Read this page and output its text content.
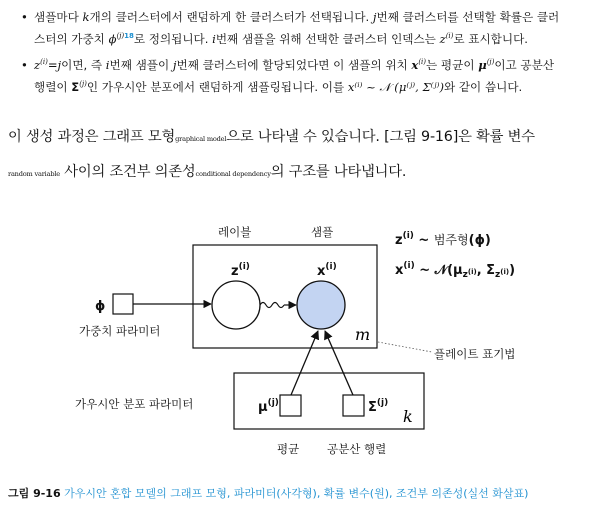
• 샘플마다 k개의 클러스터에서 랜덤하게 한 클러스터가 선택됩니다. j번째 클러스터를 선택할 확률은 클러
스터의 가중치 ϕ$^{(j)18}$로 정의됩니다. i번째 샘플을 위해 선택한 클러스터 인덱스는 $z^{(i)}$로 표시합니다.
• $z^{(i)}=j$이면, 즉 i번째 샘플이 j번째 클러스터에 할당되었다면 이 샘플의 위치 $x^{(i)}$는 평균이 $\mu^{(j)}$이고 공분산
행렬이 $\Sigma^{(j)}$인 가우시안 분포에서 랜덤하게 샘플링됩니다. 이를 x⁽ⁱ⁾ ~ 𝒩 (μ⁽ʲ⁾, Σ⁽ʲ⁾)와 같이 씁니다.
이 생성 과정은 그래프 모형graphical model으로 나타낼 수 있습니다. [그림 9-16]은 확률 변수
random variable 사이의 조건부 의존성conditional dependency의 구조를 나타냅니다.
레이블	샘플
m
$z^{(i)}$	$x^{(i)}$
ϕ
가중치 파라미터
k
$\mu^{(j)}$	$\Sigma^{(j)}$
가우시안 분포 파라미터
평균 공분산 행렬
플레이트 표기법
$z^{(i)}$ ~ 범주형(ϕ)
$x^{(i)}$ ~ $𝒩(\mu_z^{(i)}$, $\Sigma_z^{(i)}$)
그림 9-16 가우시안 혼합 모델의 그래프 모형, 파라미터(사각형), 확률 변수(원), 조건부 의존성(실선 화살표)
